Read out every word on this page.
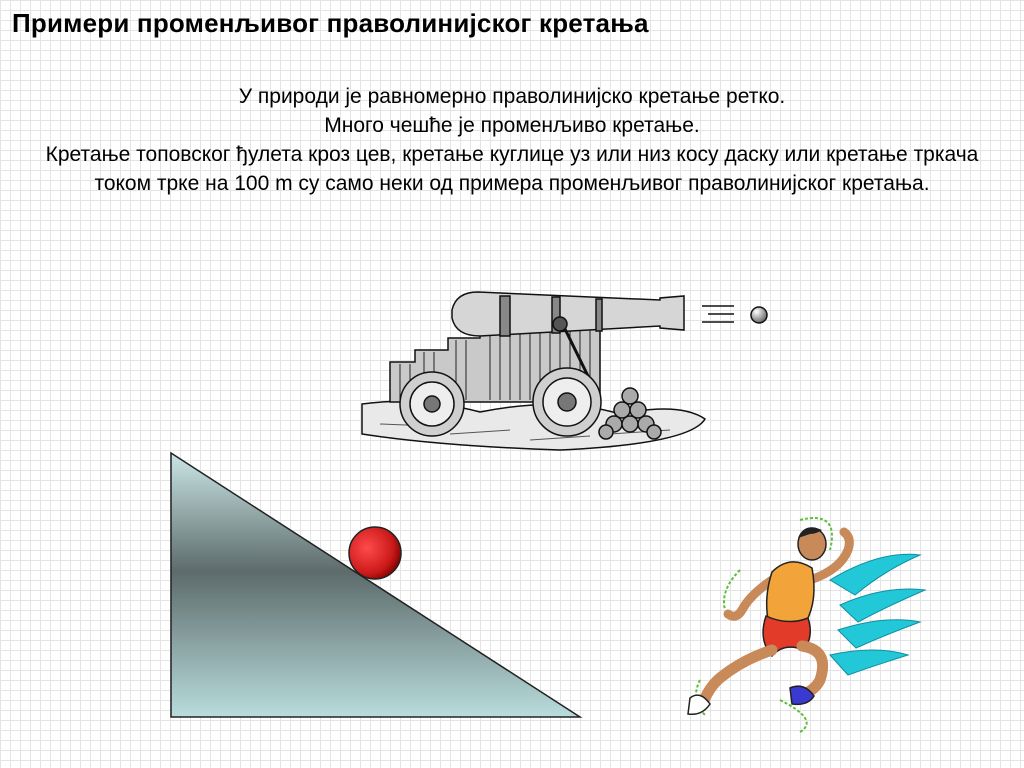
Примери променљивог праволинијског кретања

У природи је равномерно праволинијско кретање ретко.

Много чешће је променљиво кретање.

Кретање топовског ђулета кроз цев, кретање куглице уз или низ косу даску или кретање тркача током трке на 100 m су само неки од примера променљивог праволинијског кретања.
